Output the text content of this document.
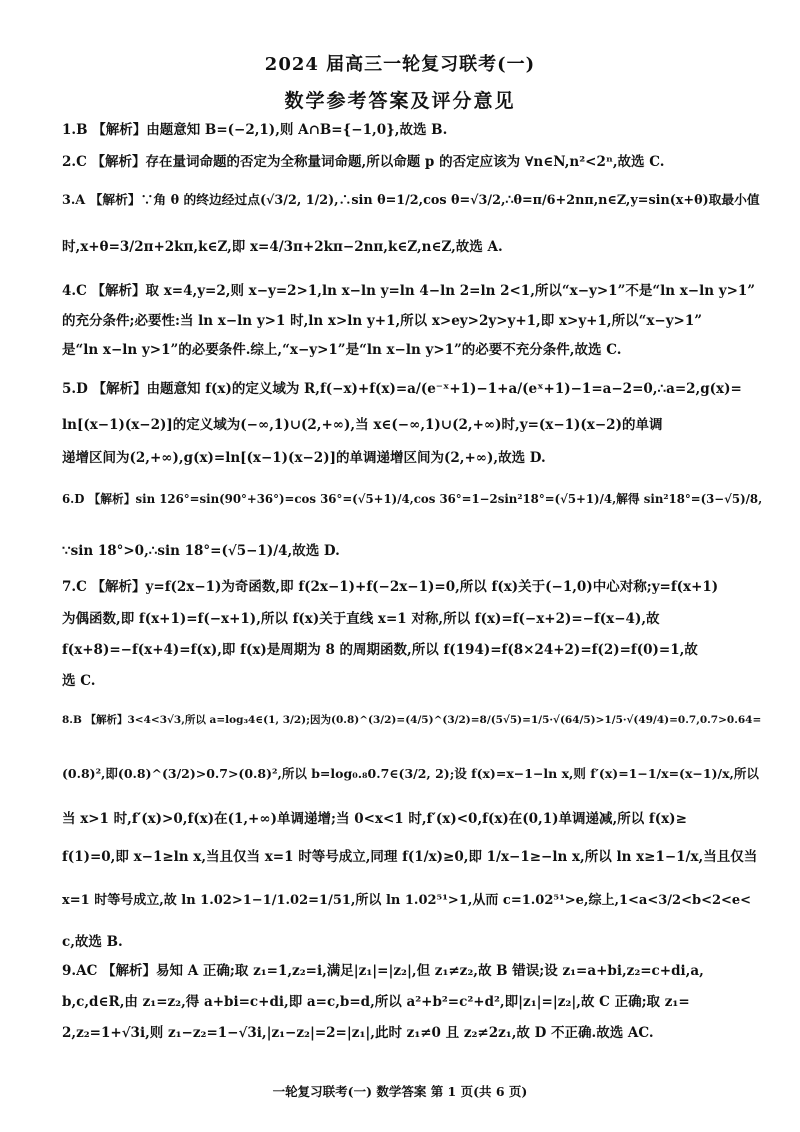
2024 届高三一轮复习联考(一)
数学参考答案及评分意见
1.B 【解析】由题意知 B=(−2,1),则 A∩B={−1,0},故选 B.
2.C 【解析】存在量词命题的否定为全称量词命题,所以命题 p 的否定应该为 ∀n∈N,n²<2ⁿ,故选 C.
3.A 【解析】∵角 θ 的终边经过点(√3/2, 1/2),∴sin θ=1/2,cos θ=√3/2,∴θ=π/6+2nπ,n∈Z,y=sin(x+θ)取最小值
时,x+θ=3/2π+2kπ,k∈Z,即 x=4/3π+2kπ−2nπ,k∈Z,n∈Z,故选 A.
4.C 【解析】取 x=4,y=2,则 x−y=2>1,ln x−ln y=ln 4−ln 2=ln 2<1,所以“x−y>1”不是“ln x−ln y>1”
的充分条件;必要性:当 ln x−ln y>1 时,ln x>ln y+1,所以 x>ey>2y>y+1,即 x>y+1,所以“x−y>1”
是“ln x−ln y>1”的必要条件.综上,“x−y>1”是“ln x−ln y>1”的必要不充分条件,故选 C.
5.D 【解析】由题意知 f(x)的定义域为 R,f(−x)+f(x)=a/(e⁻ˣ+1)−1+a/(eˣ+1)−1=a−2=0,∴a=2,g(x)=
ln[(x−1)(x−2)]的定义域为(−∞,1)∪(2,+∞),当 x∈(−∞,1)∪(2,+∞)时,y=(x−1)(x−2)的单调
递增区间为(2,+∞),g(x)=ln[(x−1)(x−2)]的单调递增区间为(2,+∞),故选 D.
6.D 【解析】sin 126°=sin(90°+36°)=cos 36°=(√5+1)/4,cos 36°=1−2sin²18°=(√5+1)/4,解得 sin²18°=(3−√5)/8,
∵sin 18°>0,∴sin 18°=(√5−1)/4,故选 D.
7.C 【解析】y=f(2x−1)为奇函数,即 f(2x−1)+f(−2x−1)=0,所以 f(x)关于(−1,0)中心对称;y=f(x+1)
为偶函数,即 f(x+1)=f(−x+1),所以 f(x)关于直线 x=1 对称,所以 f(x)=f(−x+2)=−f(x−4),故
f(x+8)=−f(x+4)=f(x),即 f(x)是周期为 8 的周期函数,所以 f(194)=f(8×24+2)=f(2)=f(0)=1,故
选 C.
8.B 【解析】3<4<3√3,所以 a=log₃4∈(1, 3/2);因为(0.8)^(3/2)=(4/5)^(3/2)=8/(5√5)=1/5·√(64/5)>1/5·√(49/4)=0.7,0.7>0.64=
(0.8)²,即(0.8)^(3/2)>0.7>(0.8)²,所以 b=log₀.₈0.7∈(3/2, 2);设 f(x)=x−1−ln x,则 f′(x)=1−1/x=(x−1)/x,所以
当 x>1 时,f′(x)>0,f(x)在(1,+∞)单调递增;当 0<x<1 时,f′(x)<0,f(x)在(0,1)单调递减,所以 f(x)≥
f(1)=0,即 x−1≥ln x,当且仅当 x=1 时等号成立,同理 f(1/x)≥0,即 1/x−1≥−ln x,所以 ln x≥1−1/x,当且仅当
x=1 时等号成立,故 ln 1.02>1−1/1.02=1/51,所以 ln 1.02⁵¹>1,从而 c=1.02⁵¹>e,综上,1<a<3/2<b<2<e<
c,故选 B.
9.AC 【解析】易知 A 正确;取 z₁=1,z₂=i,满足|z₁|=|z₂|,但 z₁≠z₂,故 B 错误;设 z₁=a+bi,z₂=c+di,a,
b,c,d∈R,由 z₁=z₂,得 a+bi=c+di,即 a=c,b=d,所以 a²+b²=c²+d²,即|z₁|=|z₂|,故 C 正确;取 z₁=
2,z₂=1+√3i,则 z₁−z₂=1−√3i,|z₁−z₂|=2=|z₁|,此时 z₁≠0 且 z₂≠2z₁,故 D 不正确.故选 AC.
一轮复习联考(一) 数学答案 第 1 页(共 6 页)
